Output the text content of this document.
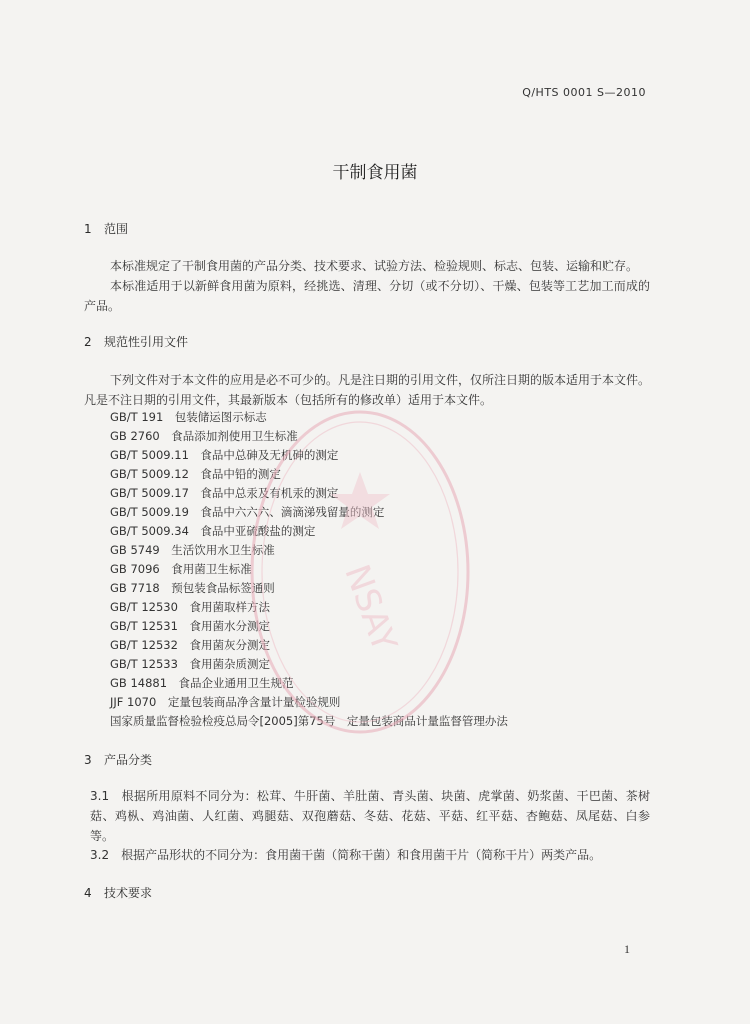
Q/HTS 0001 S—2010
干制食用菌
1 范围
本标准规定了干制食用菌的产品分类、技术要求、试验方法、检验规则、标志、包装、运输和贮存。
本标准适用于以新鲜食用菌为原料，经挑选、清理、分切（或不分切）、干燥、包装等工艺加工而成的产品。
2 规范性引用文件
下列文件对于本文件的应用是必不可少的。凡是注日期的引用文件，仅所注日期的版本适用于本文件。凡是不注日期的引用文件，其最新版本（包括所有的修改单）适用于本文件。
GB/T 191　包装储运图示标志
GB 2760　食品添加剂使用卫生标准
GB/T 5009.11　食品中总砷及无机砷的测定
GB/T 5009.12　食品中铅的测定
GB/T 5009.17　食品中总汞及有机汞的测定
GB/T 5009.19　食品中六六六、滴滴涕残留量的测定
GB/T 5009.34　食品中亚硫酸盐的测定
GB 5749　生活饮用水卫生标准
GB 7096　食用菌卫生标准
GB 7718　预包装食品标签通则
GB/T 12530　食用菌取样方法
GB/T 12531　食用菌水分测定
GB/T 12532　食用菌灰分测定
GB/T 12533　食用菌杂质测定
GB 14881　食品企业通用卫生规范
JJF 1070　定量包装商品净含量计量检验规则
国家质量监督检验检疫总局令[2005]第75号　定量包装商品计量监督管理办法
NSAY
3 产品分类
3.1　根据所用原料不同分为：松茸、牛肝菌、羊肚菌、青头菌、块菌、虎掌菌、奶浆菌、干巴菌、茶树菇、鸡枞、鸡油菌、人红菌、鸡腿菇、双孢蘑菇、冬菇、花菇、平菇、红平菇、杏鲍菇、凤尾菇、白参等。
3.2　根据产品形状的不同分为：食用菌干菌（简称干菌）和食用菌干片（简称干片）两类产品。
4 技术要求
1
